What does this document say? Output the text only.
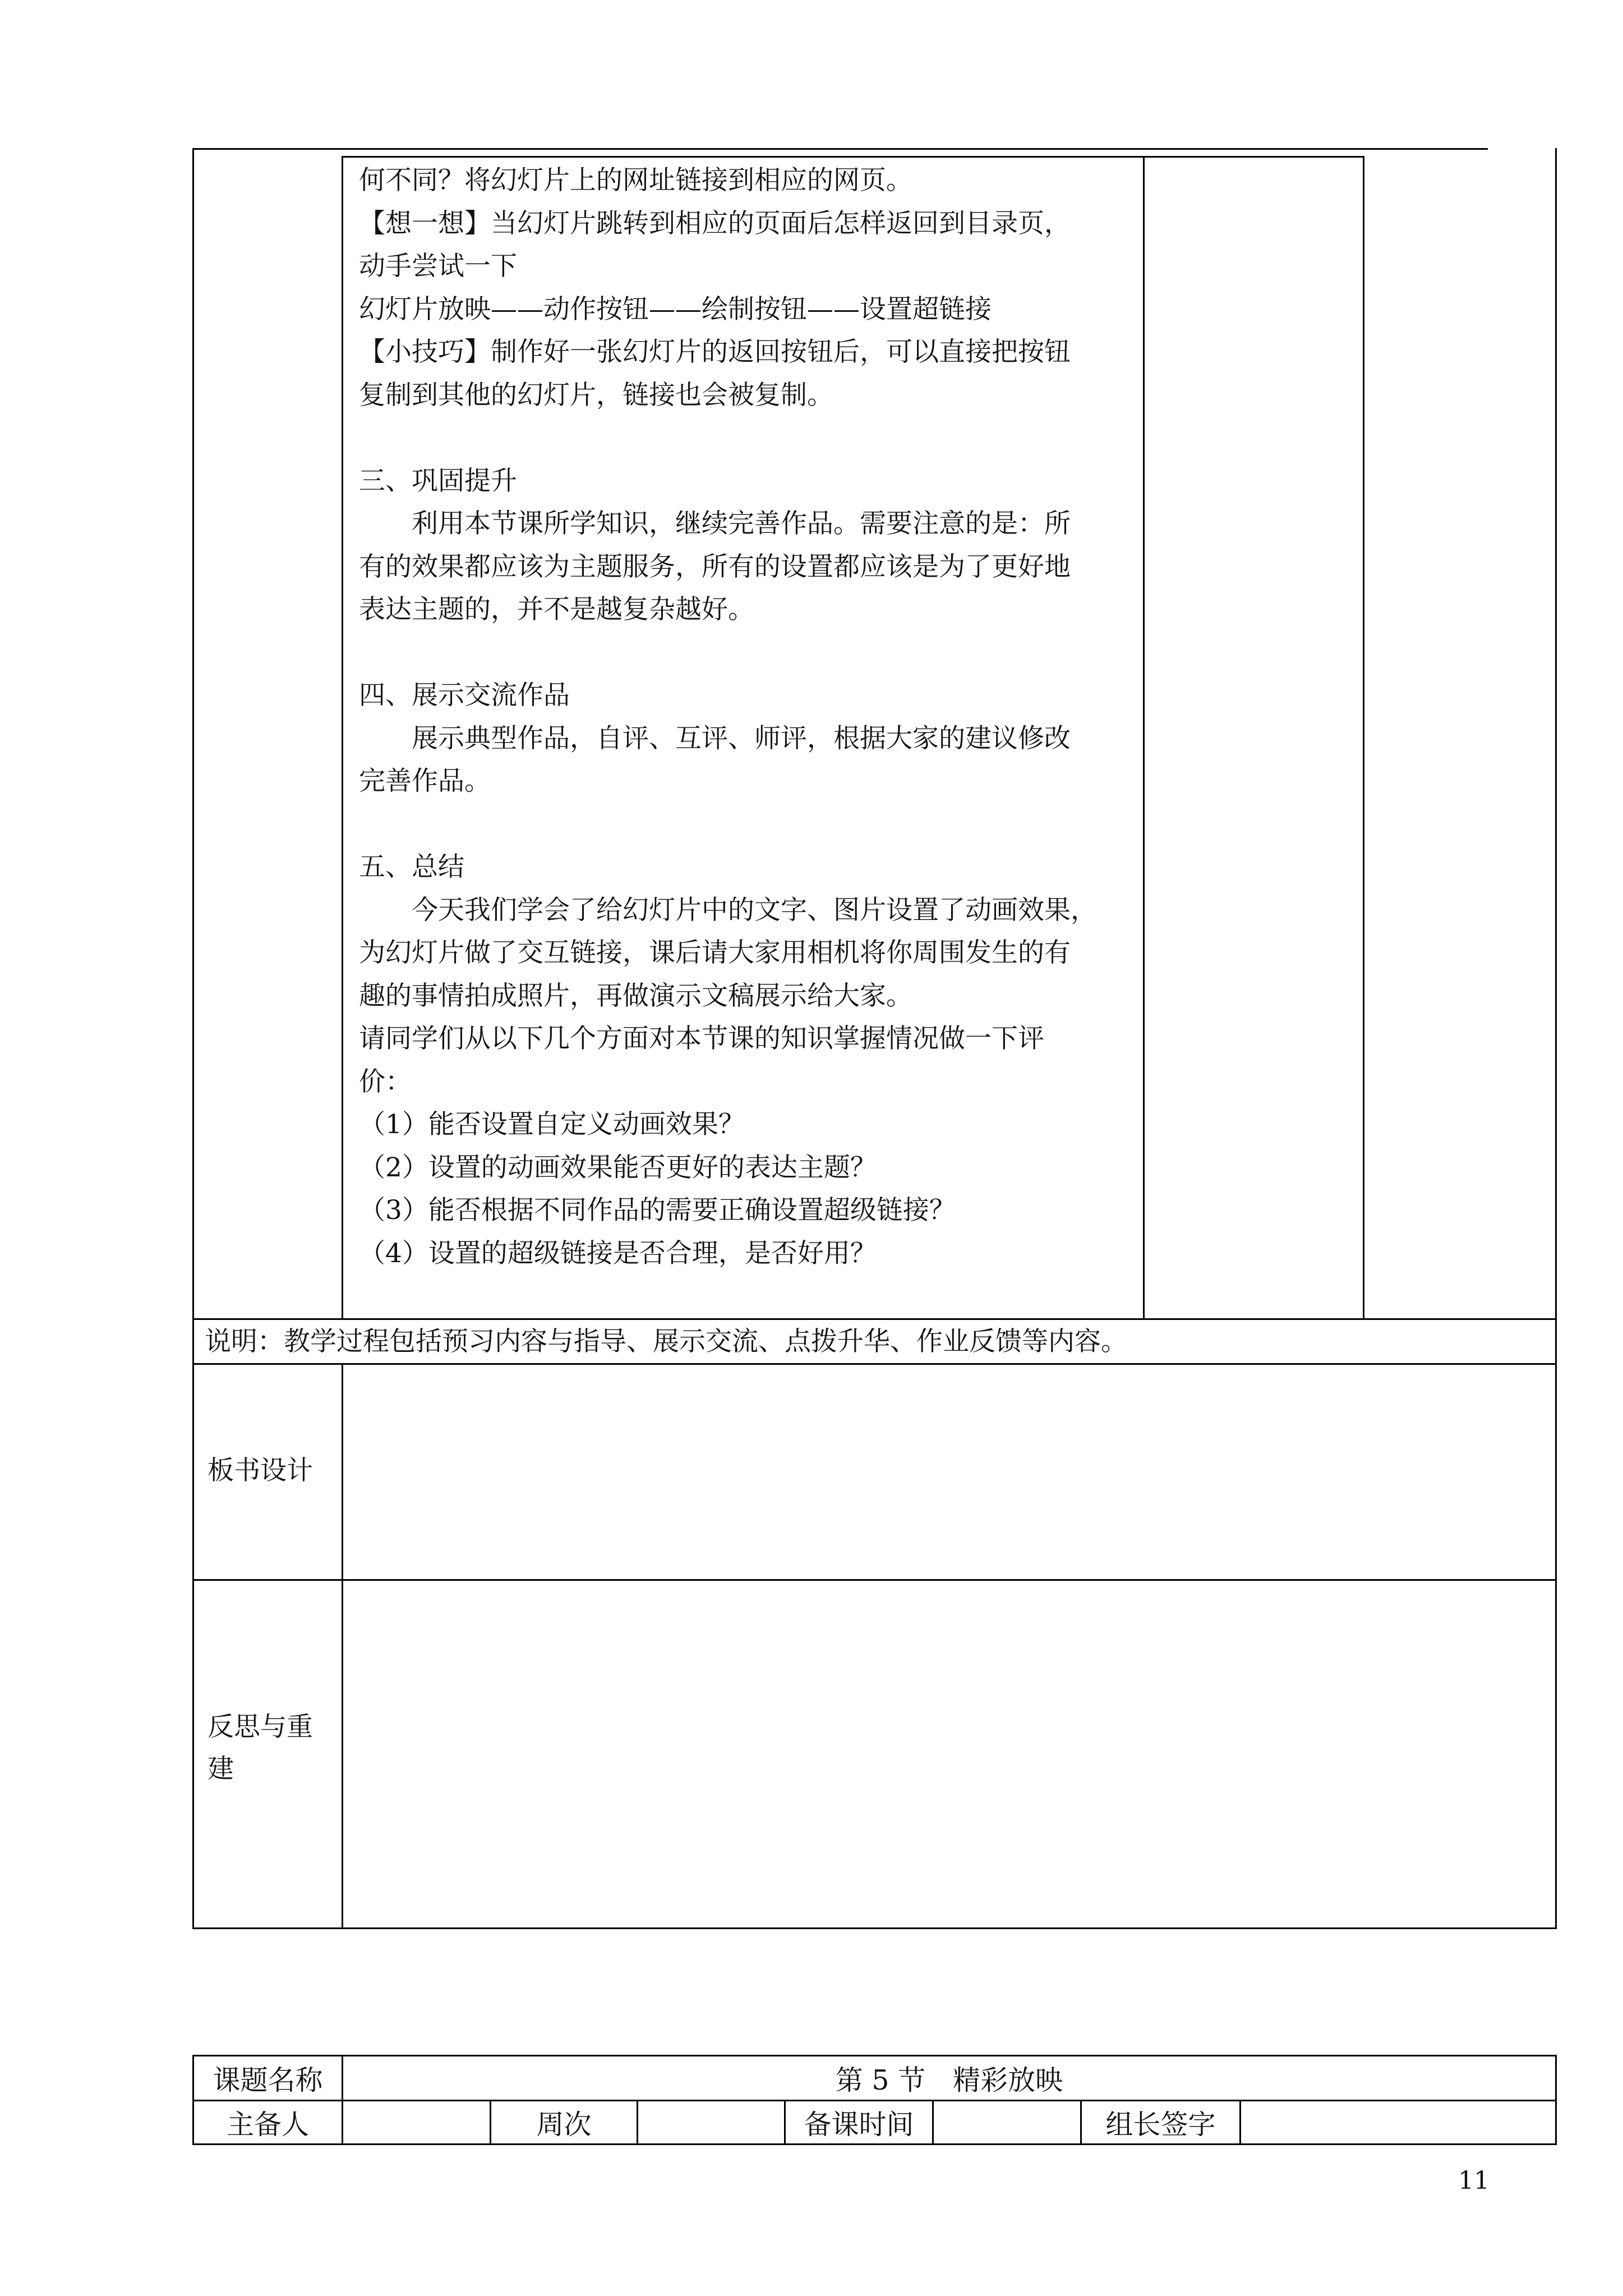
何不同？将幻灯片上的网址链接到相应的网页。
【想一想】当幻灯片跳转到相应的页面后怎样返回到目录页，
动手尝试一下
幻灯片放映——动作按钮——绘制按钮——设置超链接
【小技巧】制作好一张幻灯片的返回按钮后，可以直接把按钮
复制到其他的幻灯片，链接也会被复制。
三、巩固提升
　　利用本节课所学知识，继续完善作品。需要注意的是：所
有的效果都应该为主题服务，所有的设置都应该是为了更好地
表达主题的，并不是越复杂越好。
四、展示交流作品
　　展示典型作品，自评、互评、师评，根据大家的建议修改
完善作品。
五、总结
　　今天我们学会了给幻灯片中的文字、图片设置了动画效果，
为幻灯片做了交互链接，课后请大家用相机将你周围发生的有
趣的事情拍成照片，再做演示文稿展示给大家。
请同学们从以下几个方面对本节课的知识掌握情况做一下评
价：
（1）能否设置自定义动画效果？
（2）设置的动画效果能否更好的表达主题？
（3）能否根据不同作品的需要正确设置超级链接？
（4）设置的超级链接是否合理，是否好用？
说明：教学过程包括预习内容与指导、展示交流、点拨升华、作业反馈等内容。
板书设计
反思与重
建
课题名称	第 5 节　精彩放映
主备人	周次	备课时间	组长签字
11
